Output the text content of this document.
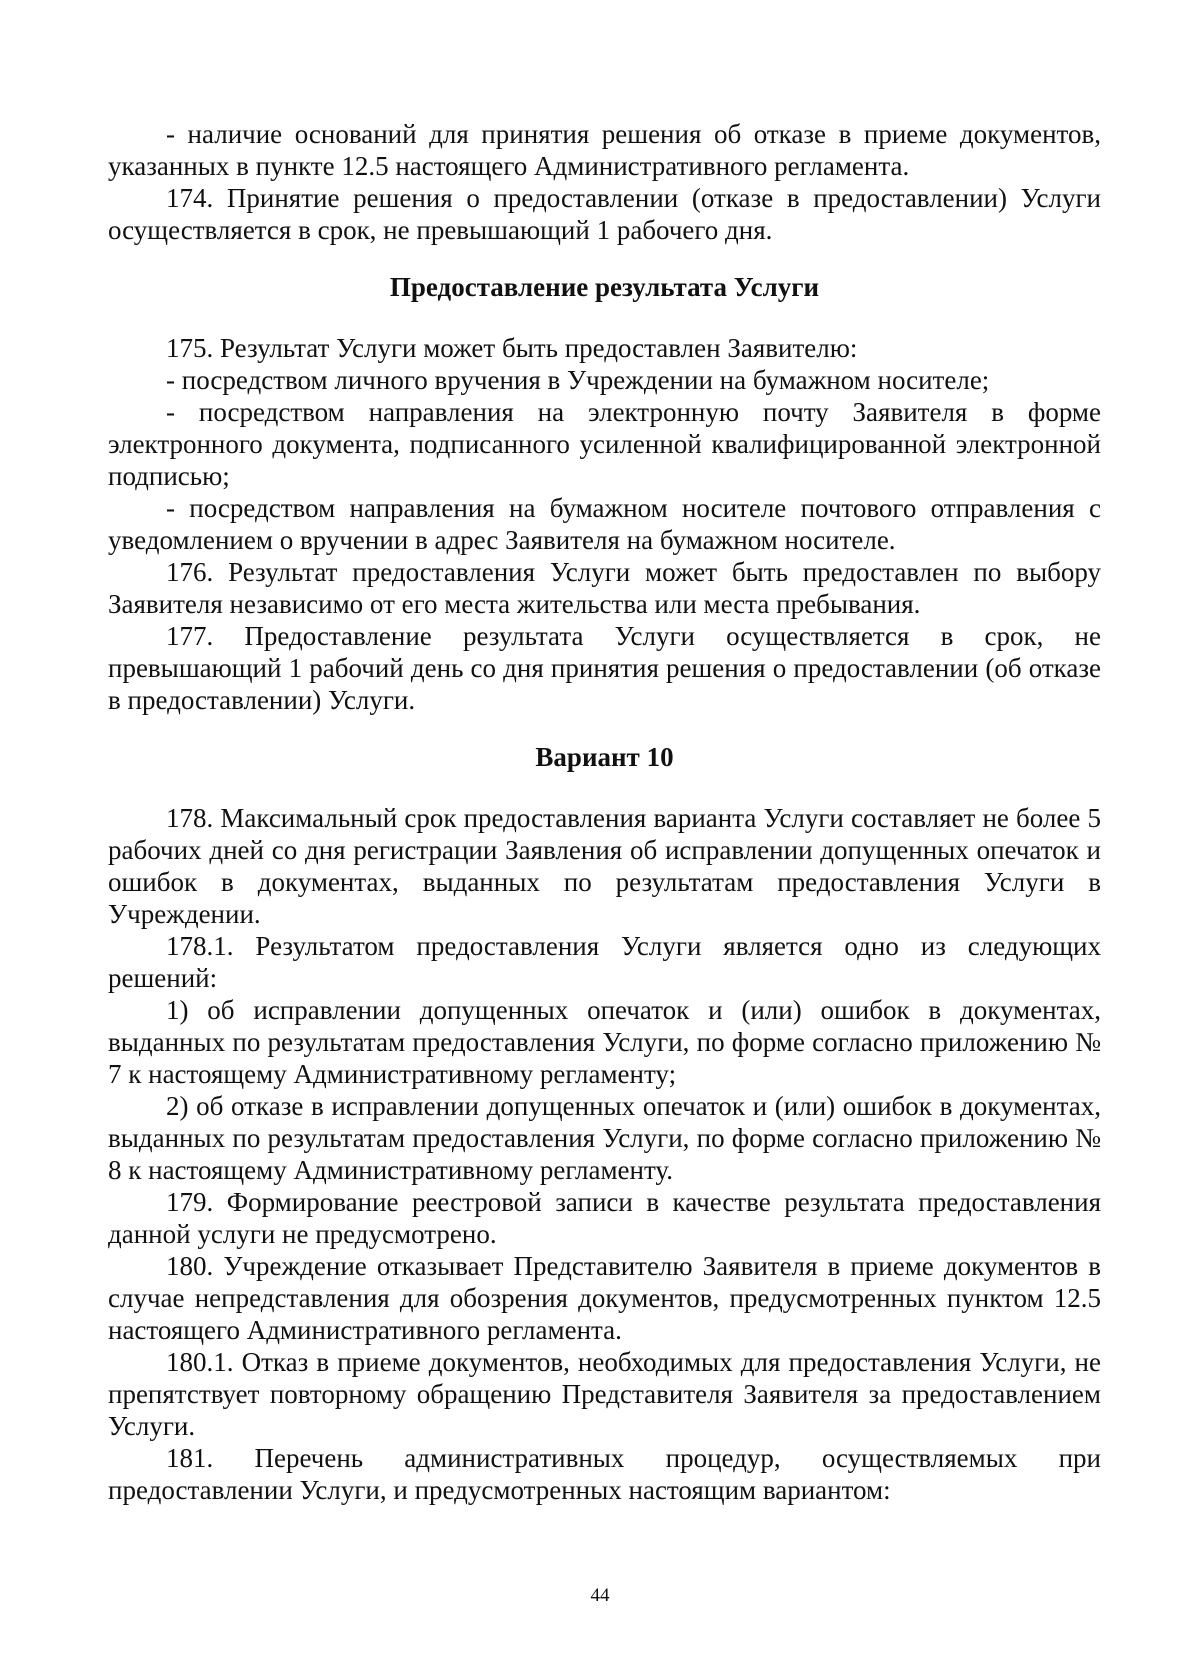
- наличие оснований для принятия решения об отказе в приеме документов, указанных в пункте 12.5 настоящего Административного регламента.

174. Принятие решения о предоставлении (отказе в предоставлении) Услуги осуществляется в срок, не превышающий 1 рабочего дня.

Предоставление результата Услуги

175. Результат Услуги может быть предоставлен Заявителю:

- посредством личного вручения в Учреждении на бумажном носителе;

- посредством направления на электронную почту Заявителя в форме электронного документа, подписанного усиленной квалифицированной электронной подписью;

- посредством направления на бумажном носителе почтового отправления с уведомлением о вручении в адрес Заявителя на бумажном носителе.

176. Результат предоставления Услуги может быть предоставлен по выбору Заявителя независимо от его места жительства или места пребывания.

177. Предоставление результата Услуги осуществляется в срок, не превышающий 1 рабочий день со дня принятия решения о предоставлении (об отказе в предоставлении) Услуги.

Вариант 10

178. Максимальный срок предоставления варианта Услуги составляет не более 5 рабочих дней со дня регистрации Заявления об исправлении допущенных опечаток и ошибок в документах, выданных по результатам предоставления Услуги в Учреждении.

178.1. Результатом предоставления Услуги является одно из следующих решений:

1) об исправлении допущенных опечаток и (или) ошибок в документах, выданных по результатам предоставления Услуги, по форме согласно приложению № 7 к настоящему Административному регламенту;

2) об отказе в исправлении допущенных опечаток и (или) ошибок в документах, выданных по результатам предоставления Услуги, по форме согласно приложению № 8 к настоящему Административному регламенту.

179. Формирование реестровой записи в качестве результата предоставления данной услуги не предусмотрено.

180. Учреждение отказывает Представителю Заявителя в приеме документов в случае непредставления для обозрения документов, предусмотренных пунктом 12.5 настоящего Административного регламента.

180.1. Отказ в приеме документов, необходимых для предоставления Услуги, не препятствует повторному обращению Представителя Заявителя за предоставлением Услуги.

181. Перечень административных процедур, осуществляемых при предоставлении Услуги, и предусмотренных настоящим вариантом:

44
